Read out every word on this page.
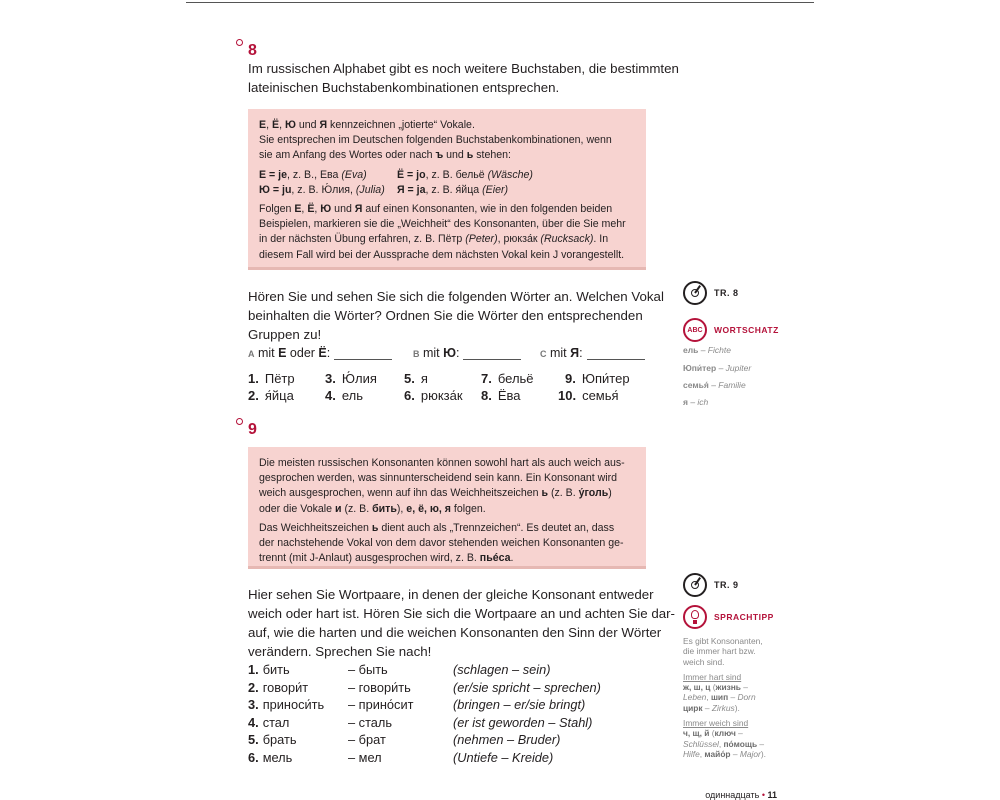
8
Im russischen Alphabet gibt es noch weitere Buchstaben, die bestimmten
lateinischen Buchstabenkombinationen entsprechen.
Е, Ё, Ю und Я kennzeichnen „jotierte“ Vokale.
Sie entsprechen im Deutschen folgenden Buchstabenkombinationen, wenn
sie am Anfang des Wortes oder nach ъ und ь stehen:
Е = je, z. B., Ева (Eva)	Ё = jo, z. B. бельё (Wäsche)
Ю = ju, z. B. Ю́лия, (Julia) Я = ja, z. B. я́йца (Eier)
Folgen Е, Ё, Ю und Я auf einen Konsonanten, wie in den folgenden beiden
Beispielen, markieren sie die „Weichheit“ des Konsonanten, über die Sie mehr
in der nächsten Übung erfahren, z. B. Пётр (Peter), рюкза́к (Rucksack). In
diesem Fall wird bei der Aussprache dem nächsten Vokal kein J vorangestellt.
Hören Sie und sehen Sie sich die folgenden Wörter an. Welchen Vokal
beinhalten die Wörter? Ordnen Sie die Wörter den entsprechenden
Gruppen zu!
A mit Е oder Ё:	B mit Ю:	C mit Я:
1. Пётр 3. Ю́лия 5. я	7. бельё 9. Юпи́тер
2. я́йца 4. ель	6. рюкза́к 8. Ёва	10. семья́
9
Die meisten russischen Konsonanten können sowohl hart als auch weich aus-
gesprochen werden, was sinnunterscheidend sein kann. Ein Konsonant wird
weich ausgesprochen, wenn auf ihn das Weichheitszeichen ь (z. B. у́голь)
oder die Vokale и (z. B. бить), е, ё, ю, я folgen.
Das Weichheitszeichen ь dient auch als „Trennzeichen“. Es deutet an, dass
der nachstehende Vokal von dem davor stehenden weichen Konsonanten ge-
trennt (mit J-Anlaut) ausgesprochen wird, z. B. пьéса.
Hier sehen Sie Wortpaare, in denen der gleiche Konsonant entweder
weich oder hart ist. Hören Sie sich die Wortpaare an und achten Sie dar-
auf, wie die harten und die weichen Konsonanten den Sinn der Wörter
verändern. Sprechen Sie nach!
1. бить	– быть	(schlagen – sein)
2. говори́т	– говори́ть	(er/sie spricht – sprechen)
3. приноси́ть – прино́сит	(bringen – er/sie bringt)
4. стал	– сталь	(er ist geworden – Stahl)
5. брать	– брат	(nehmen – Bruder)
6. мель	– мел	(Untiefe – Kreide)
TR. 8
ABC	WORTSCHATZ
ель – Fichte
Юпи́тер – Jupiter
семья́ – Familie
я – ich
TR. 9
SPRACHTIPP
Es gibt Konsonanten,
die immer hart bzw.
weich sind.
Immer hart sind
ж, ш, ц (жизнь –
Leben, шип – Dorn
цирк – Zirkus).
Immer weich sind
ч, щ, й (ключ –
Schlüssel, по́мощь –
Hilfe, майо́р – Major).
одиннадцать • 11
